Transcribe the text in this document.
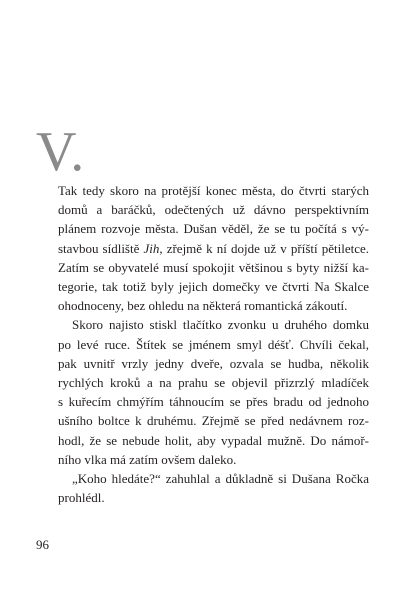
V.
Tak tedy skoro na protější konec města, do čtvrti starých
domů a baráčků, odečtených už dávno perspektivním
plánem rozvoje města. Dušan věděl, že se tu počítá s vý-
stavbou sídliště Jih, zřejmě k ní dojde už v příští pětiletce.
Zatím se obyvatelé musí spokojit většinou s byty nižší ka-
tegorie, tak totiž byly jejich domečky ve čtvrti Na Skalce
ohodnoceny, bez ohledu na některá romantická zákoutí.
Skoro najisto stiskl tlačítko zvonku u druhého domku
po levé ruce. Štítek se jménem smyl déšť. Chvíli čekal,
pak uvnitř vrzly jedny dveře, ozvala se hudba, několik
rychlých kroků a na prahu se objevil přizrzlý mladíček
s kuřecím chmýřím táhnoucím se přes bradu od jednoho
ušního boltce k druhému. Zřejmě se před nedávnem roz-
hodl, že se nebude holit, aby vypadal mužně. Do námoř-
ního vlka má zatím ovšem daleko.
„Koho hledáte?“ zahuhlal a důkladně si Dušana Ročka
prohlédl.
96
